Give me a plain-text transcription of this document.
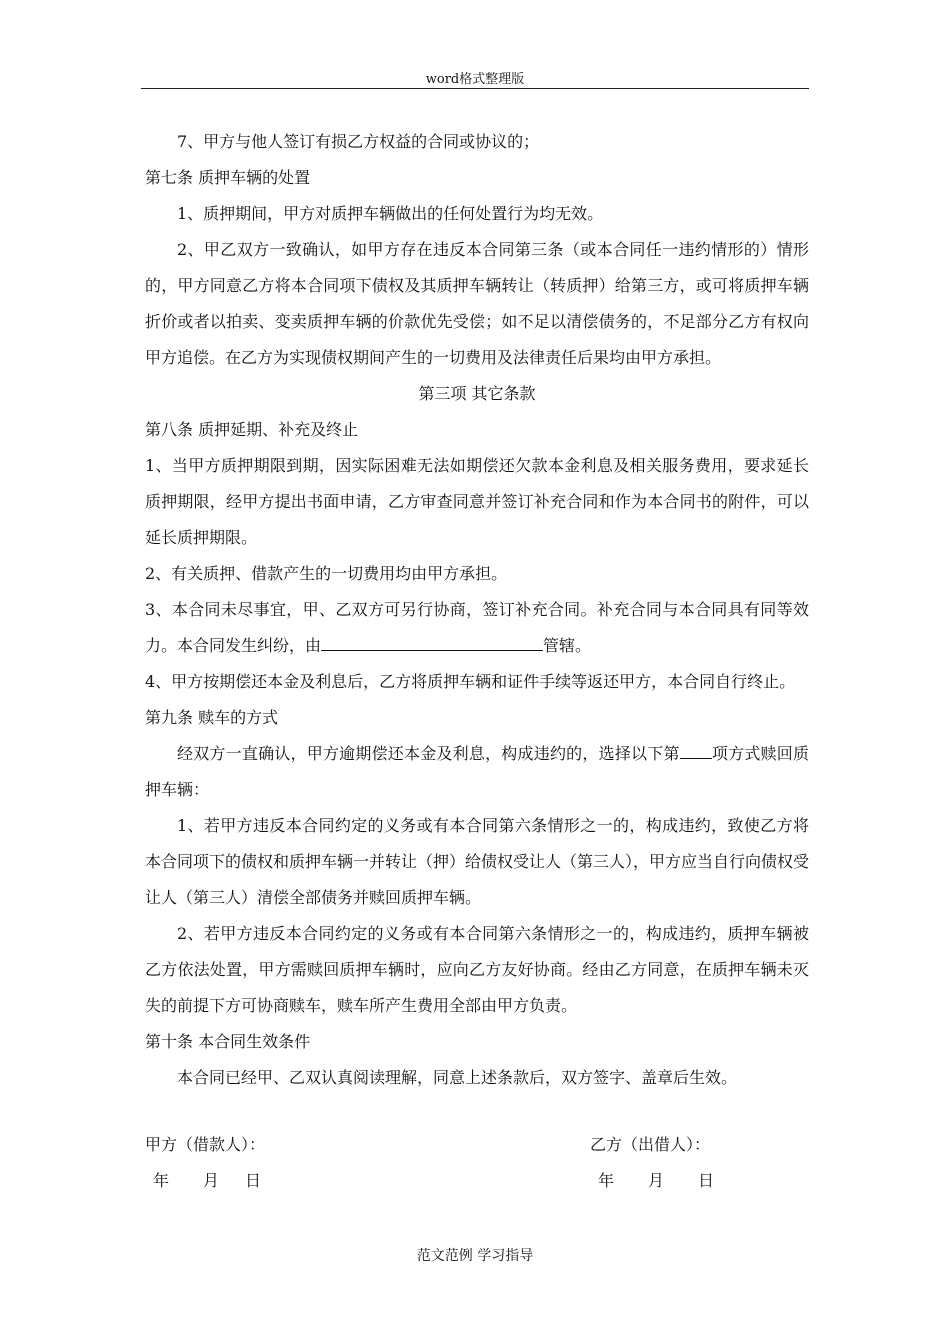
word格式整理版

7、甲方与他人签订有损乙方权益的合同或协议的；

第七条 质押车辆的处置

1、质押期间，甲方对质押车辆做出的任何处置行为均无效。

2、甲乙双方一致确认，如甲方存在违反本合同第三条（或本合同任一违约情形的）情形的，甲方同意乙方将本合同项下债权及其质押车辆转让（转质押）给第三方，或可将质押车辆折价或者以拍卖、变卖质押车辆的价款优先受偿；如不足以清偿债务的，不足部分乙方有权向甲方追偿。在乙方为实现债权期间产生的一切费用及法律责任后果均由甲方承担。

第三项 其它条款

第八条 质押延期、补充及终止

1、当甲方质押期限到期，因实际困难无法如期偿还欠款本金利息及相关服务费用，要求延长质押期限，经甲方提出书面申请，乙方审查同意并签订补充合同和作为本合同书的附件，可以延长质押期限。

2、有关质押、借款产生的一切费用均由甲方承担。

3、本合同未尽事宜，甲、乙双方可另行协商，签订补充合同。补充合同与本合同具有同等效力。本合同发生纠纷，由	管辖。

4、甲方按期偿还本金及利息后，乙方将质押车辆和证件手续等返还甲方，本合同自行终止。

第九条 赎车的方式

经双方一直确认，甲方逾期偿还本金及利息，构成违约的，选择以下第 项方式赎回质押车辆：

1、若甲方违反本合同约定的义务或有本合同第六条情形之一的，构成违约，致使乙方将本合同项下的债权和质押车辆一并转让（押）给债权受让人（第三人），甲方应当自行向债权受让人（第三人）清偿全部债务并赎回质押车辆。

2、若甲方违反本合同约定的义务或有本合同第六条情形之一的，构成违约，质押车辆被乙方依法处置，甲方需赎回质押车辆时，应向乙方友好协商。经由乙方同意，在质押车辆未灭失的前提下方可协商赎车，赎车所产生费用全部由甲方负责。

第十条 本合同生效条件

本合同已经甲、乙双认真阅读理解，同意上述条款后，双方签字、盖章后生效。

甲方（借款人）：	乙方（出借人）：
年 月 日	年 月 日
范文范例 学习指导
